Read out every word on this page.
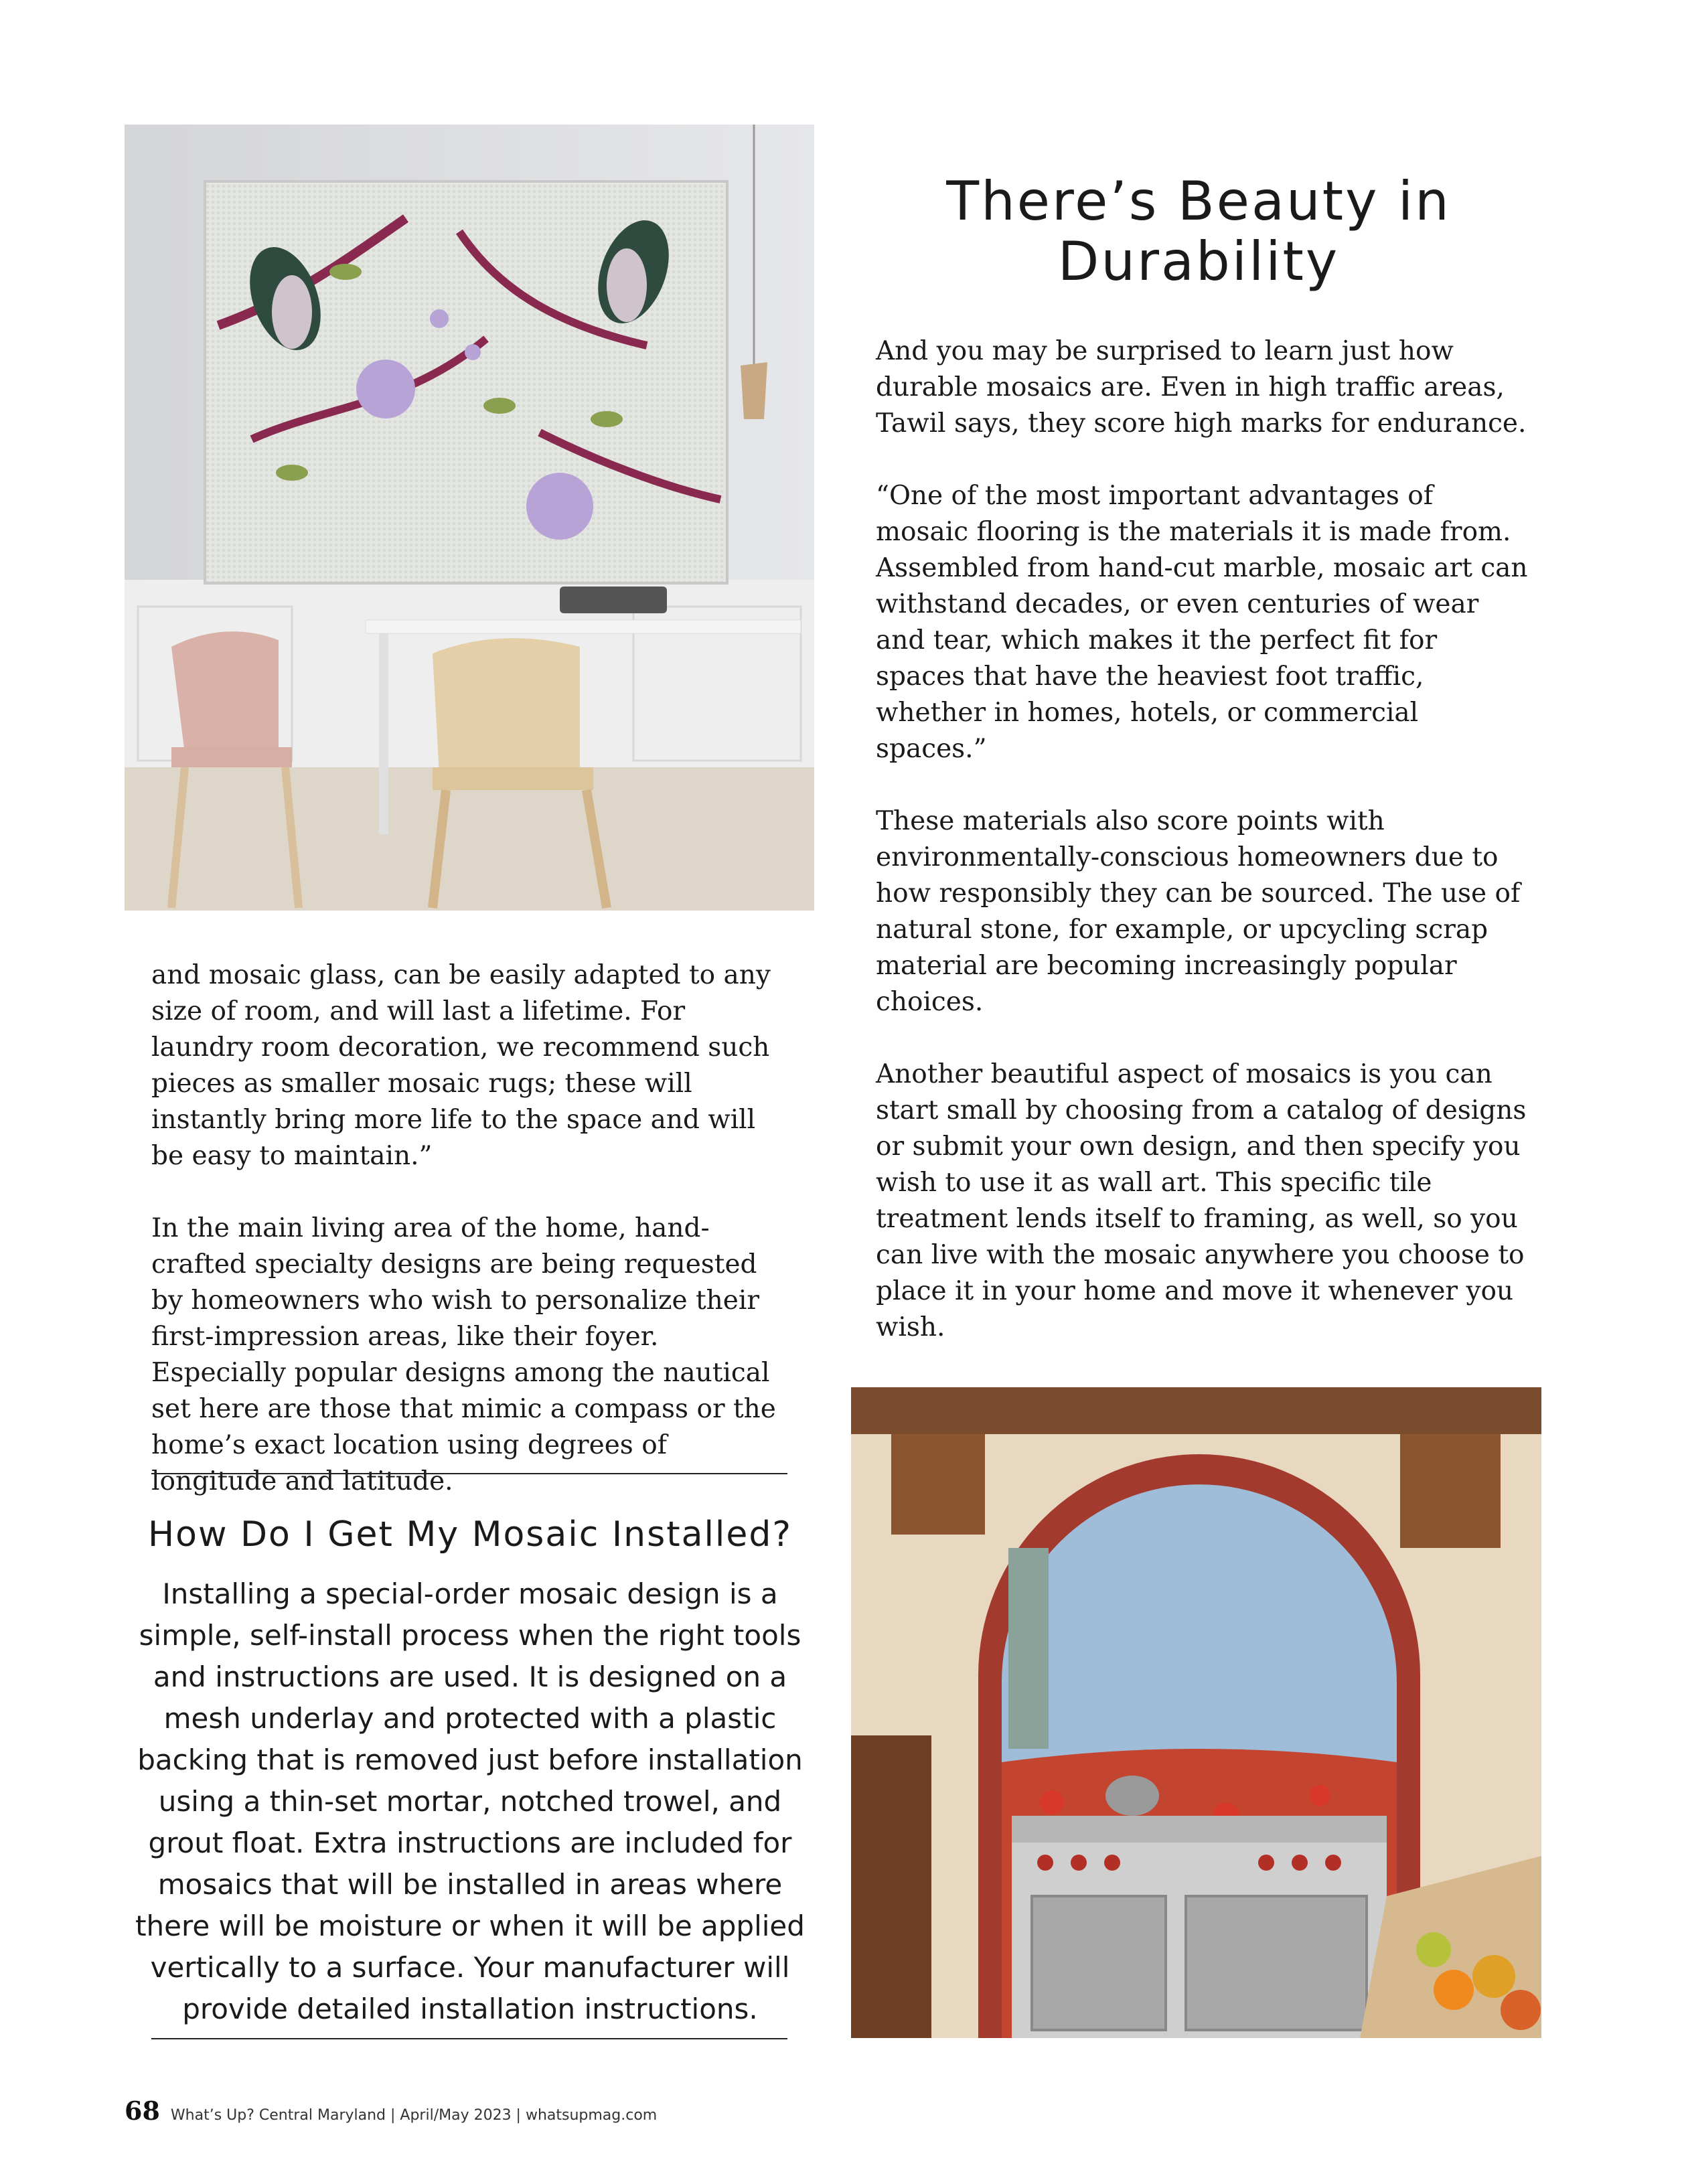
There’s Beauty in Durability

And you may be surprised to learn just how durable mosaics are. Even in high traffic areas, Tawil says, they score high marks for endurance.

“One of the most important advantages of mosaic flooring is the materials it is made from. Assembled from hand-cut marble, mosaic art can withstand decades, or even centuries of wear and tear, which makes it the perfect fit for spaces that have the heaviest foot traffic, whether in homes, hotels, or commercial spaces.”

These materials also score points with environmentally-conscious homeowners due to how responsibly they can be sourced. The use of natural stone, for example, or upcycling scrap material are becoming increasingly popular choices.

Another beautiful aspect of mosaics is you can start small by choosing from a catalog of designs or submit your own design, and then specify you wish to use it as wall art. This specific tile treatment lends itself to framing, as well, so you can live with the mosaic anywhere you choose to place it in your home and move it whenever you wish.

and mosaic glass, can be easily adapted to any size of room, and will last a lifetime. For laundry room decoration, we recommend such pieces as smaller mosaic rugs; these will instantly bring more life to the space and will be easy to maintain.”

In the main living area of the home, hand-crafted specialty designs are being requested by homeowners who wish to personalize their first-impression areas, like their foyer. Especially popular designs among the nautical set here are those that mimic a compass or the home’s exact location using degrees of longitude and latitude.

How Do I Get My Mosaic Installed?

Installing a special-order mosaic design is a simple, self-install process when the right tools and instructions are used. It is designed on a mesh underlay and protected with a plastic backing that is removed just before installation using a thin-set mortar, notched trowel, and grout float. Extra instructions are included for mosaics that will be installed in areas where there will be moisture or when it will be applied vertically to a surface. Your manufacturer will provide detailed installation instructions.

68 What’s Up? Central Maryland | April/May 2023 | whatsupmag.com
